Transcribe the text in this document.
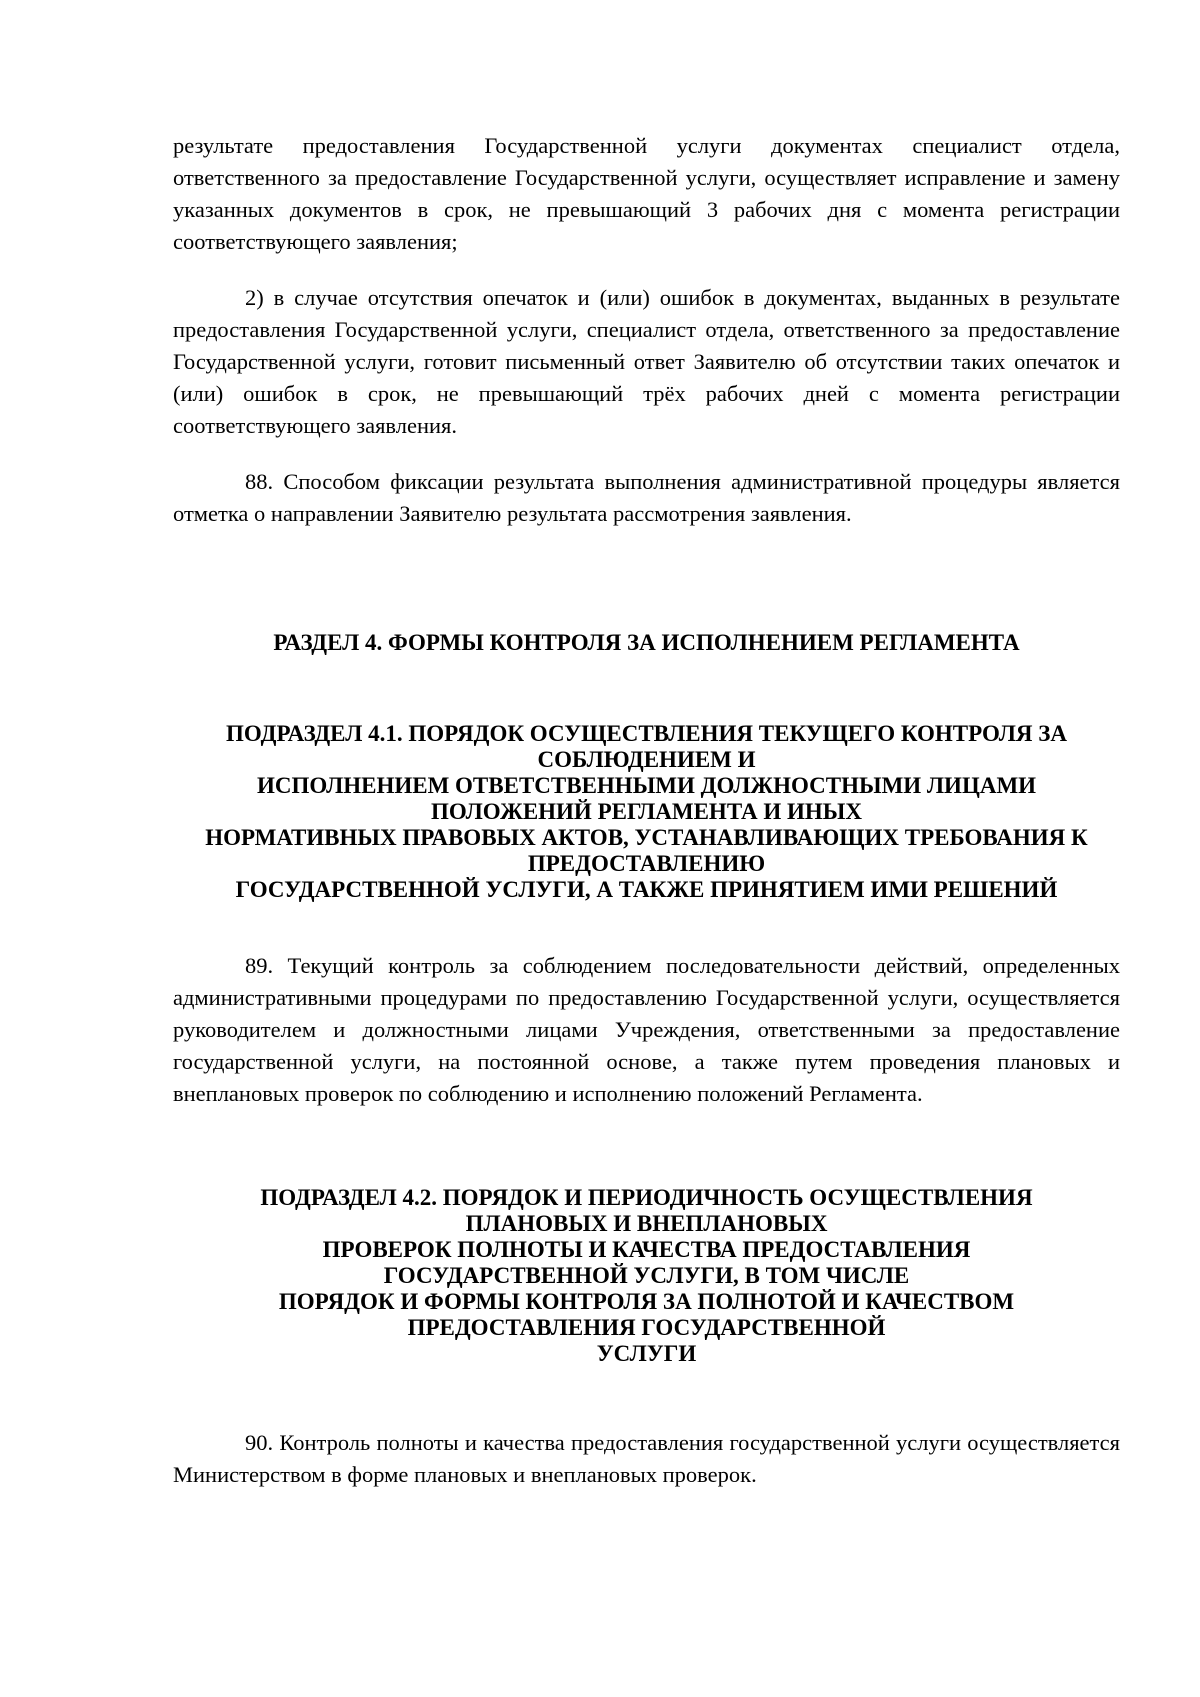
результате предоставления Государственной услуги документах специалист отдела, ответственного за предоставление Государственной услуги, осуществляет исправление и замену указанных документов в срок, не превышающий 3 рабочих дня с момента регистрации соответствующего заявления;

2) в случае отсутствия опечаток и (или) ошибок в документах, выданных в результате предоставления Государственной услуги, специалист отдела, ответственного за предоставление Государственной услуги, готовит письменный ответ Заявителю об отсутствии таких опечаток и (или) ошибок в срок, не превышающий трёх рабочих дней с момента регистрации соответствующего заявления.

88. Способом фиксации результата выполнения административной процедуры является отметка о направлении Заявителю результата рассмотрения заявления.

РАЗДЕЛ 4. ФОРМЫ КОНТРОЛЯ ЗА ИСПОЛНЕНИЕМ РЕГЛАМЕНТА
ПОДРАЗДЕЛ 4.1. ПОРЯДОК ОСУЩЕСТВЛЕНИЯ ТЕКУЩЕГО КОНТРОЛЯ ЗА
СОБЛЮДЕНИЕМ И
ИСПОЛНЕНИЕМ ОТВЕТСТВЕННЫМИ ДОЛЖНОСТНЫМИ ЛИЦАМИ
ПОЛОЖЕНИЙ РЕГЛАМЕНТА И ИНЫХ
НОРМАТИВНЫХ ПРАВОВЫХ АКТОВ, УСТАНАВЛИВАЮЩИХ ТРЕБОВАНИЯ К
ПРЕДОСТАВЛЕНИЮ
ГОСУДАРСТВЕННОЙ УСЛУГИ, А ТАКЖЕ ПРИНЯТИЕМ ИМИ РЕШЕНИЙ

89. Текущий контроль за соблюдением последовательности действий, определенных административными процедурами по предоставлению Государственной услуги, осуществляется руководителем и должностными лицами Учреждения, ответственными за предоставление государственной услуги, на постоянной основе, а также путем проведения плановых и внеплановых проверок по соблюдению и исполнению положений Регламента.

ПОДРАЗДЕЛ 4.2. ПОРЯДОК И ПЕРИОДИЧНОСТЬ ОСУЩЕСТВЛЕНИЯ
ПЛАНОВЫХ И ВНЕПЛАНОВЫХ
ПРОВЕРОК ПОЛНОТЫ И КАЧЕСТВА ПРЕДОСТАВЛЕНИЯ
ГОСУДАРСТВЕННОЙ УСЛУГИ, В ТОМ ЧИСЛЕ
ПОРЯДОК И ФОРМЫ КОНТРОЛЯ ЗА ПОЛНОТОЙ И КАЧЕСТВОМ
ПРЕДОСТАВЛЕНИЯ ГОСУДАРСТВЕННОЙ
УСЛУГИ

90. Контроль полноты и качества предоставления государственной услуги осуществляется Министерством в форме плановых и внеплановых проверок.
